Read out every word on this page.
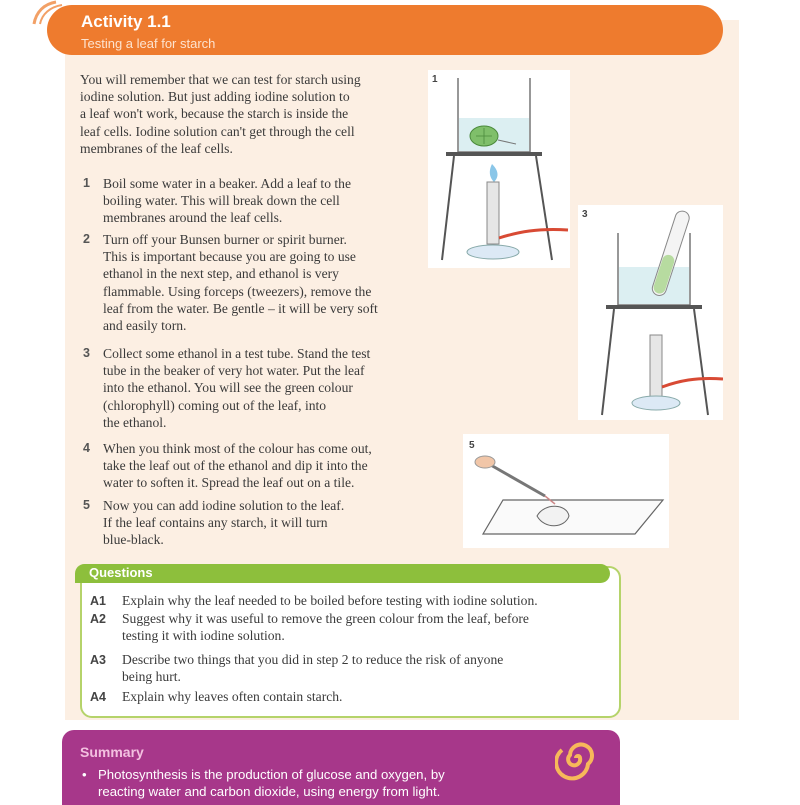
Activity 1.1
Testing a leaf for starch
You will remember that we can test for starch using
iodine solution. But just adding iodine solution to
a leaf won't work, because the starch is inside the
leaf cells. Iodine solution can't get through the cell
membranes of the leaf cells.
1 Boil some water in a beaker. Add a leaf to the
boiling water. This will break down the cell
membranes around the leaf cells.
2 Turn off your Bunsen burner or spirit burner.
This is important because you are going to use
ethanol in the next step, and ethanol is very
flammable. Using forceps (tweezers), remove the
leaf from the water. Be gentle – it will be very soft
and easily torn.
3 Collect some ethanol in a test tube. Stand the test
tube in the beaker of very hot water. Put the leaf
into the ethanol. You will see the green colour
(chlorophyll) coming out of the leaf, into
the ethanol.
4 When you think most of the colour has come out,
take the leaf out of the ethanol and dip it into the
water to soften it. Spread the leaf out on a tile.
5 Now you can add iodine solution to the leaf.
If the leaf contains any starch, it will turn
blue-black.
1
3
5
Questions
A1	Explain why the leaf needed to be boiled before testing with iodine solution.
A2	Suggest why it was useful to remove the green colour from the leaf, before
testing it with iodine solution.
A3	Describe two things that you did in step 2 to reduce the risk of anyone
being hurt.
A4	Explain why leaves often contain starch.
Summary
• Photosynthesis is the production of glucose and oxygen, by
reacting water and carbon dioxide, using energy from light.
